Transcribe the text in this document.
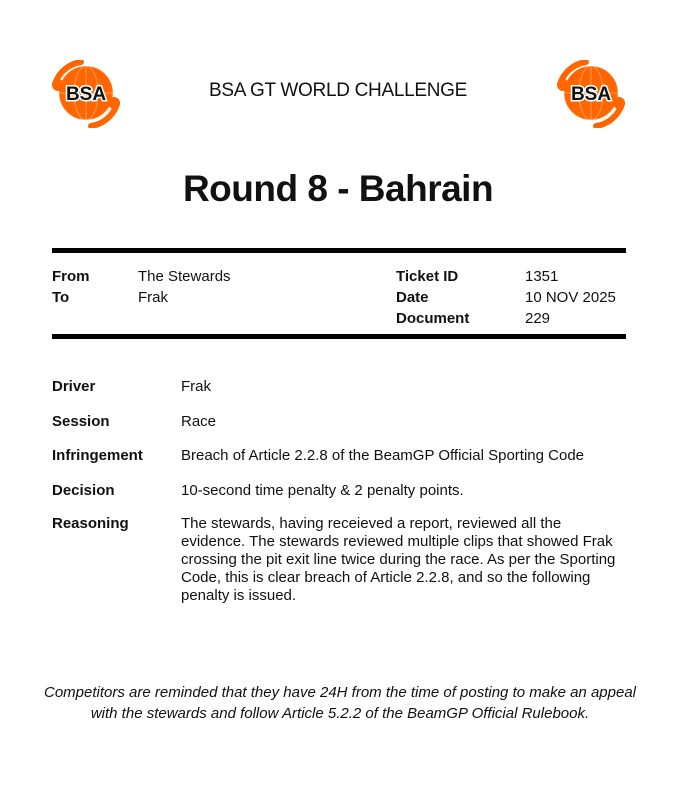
BSA	BSA GT WORLD CHALLENGE	BSA
Round 8 - Bahrain
From	The Stewards
To	Frak
Ticket ID	1351
Date	10 NOV 2025
Document	229
Driver	Frak
Session	Race
Infringement	Breach of Article 2.2.8 of the BeamGP Official Sporting Code
Decision	10-second time penalty & 2 penalty points.
Reasoning	The stewards, having receieved a report, reviewed all the evidence. The stewards reviewed multiple clips that showed Frak crossing the pit exit line twice during the race. As per the Sporting Code, this is clear breach of Article 2.2.8, and so the following penalty is issued.
Competitors are reminded that they have 24H from the time of posting to make an appeal with the stewards and follow Article 5.2.2 of the BeamGP Official Rulebook.
